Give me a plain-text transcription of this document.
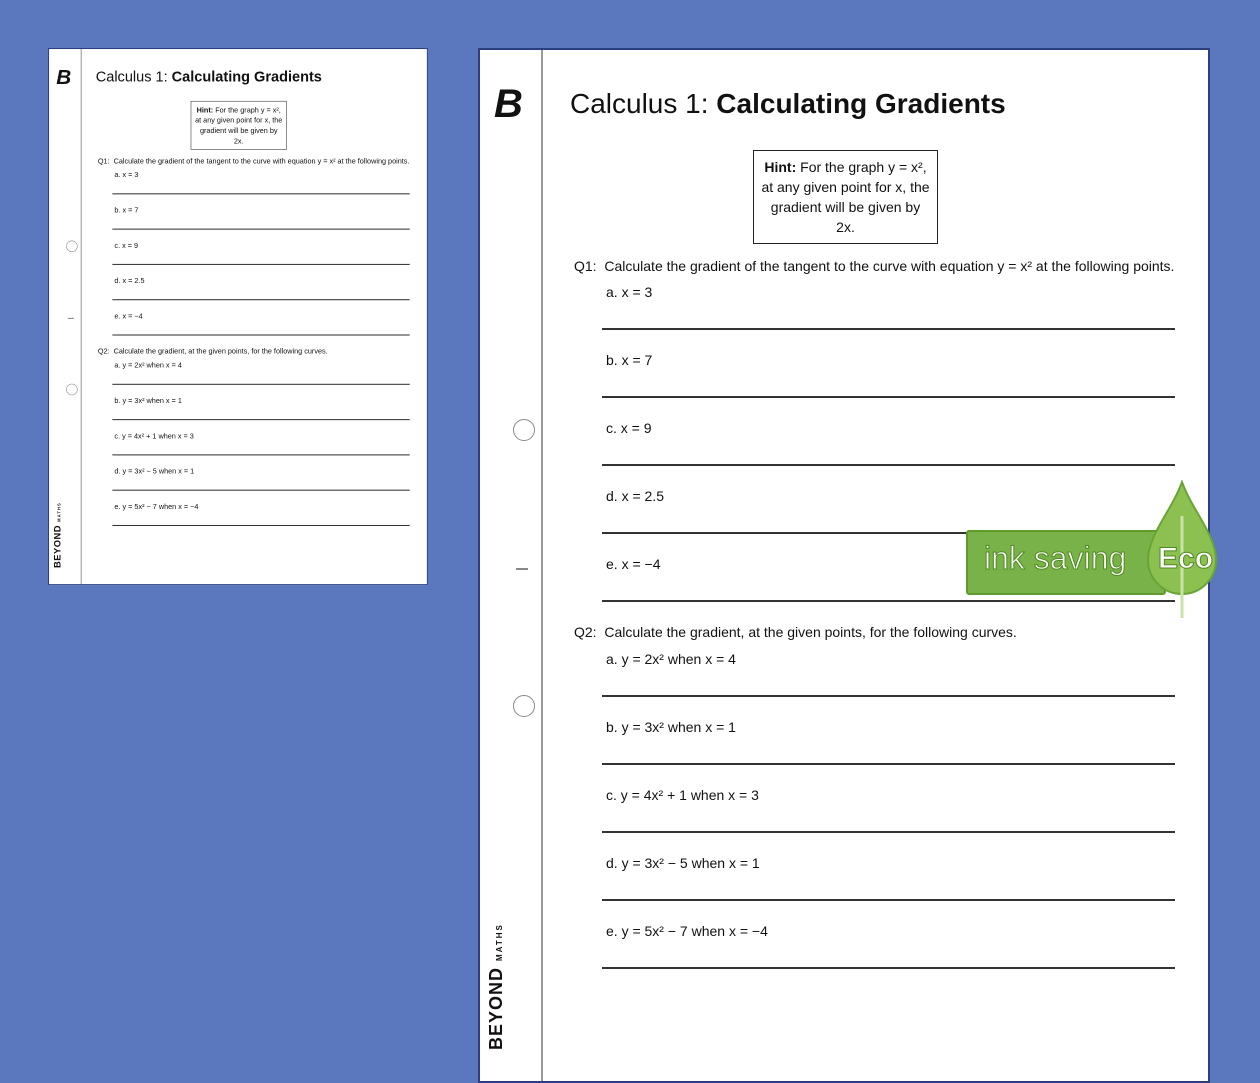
B
BEYONDMATHS
Calculus 1: Calculating Gradients
Hint: For the graph y = x², at any given point for x, the gradient will be given by 2x.
Q1: Calculate the gradient of the tangent to the curve with equation y = x² at the following points.
a. x = 3
b. x = 7
c. x = 9
d. x = 2.5
e. x = −4
Q2: Calculate the gradient, at the given points, for the following curves.
a. y = 2x² when x = 4
b. y = 3x² when x = 1
c. y = 4x² + 1 when x = 3
d. y = 3x² − 5 when x = 1
e. y = 5x² − 7 when x = −4
B
BEYONDMATHS
Calculus 1: Calculating Gradients
Hint: For the graph y = x², at any given point for x, the gradient will be given by 2x.
Q1: Calculate the gradient of the tangent to the curve with equation y = x² at the following points.
a. x = 3
b. x = 7
c. x = 9
d. x = 2.5
e. x = −4
Q2: Calculate the gradient, at the given points, for the following curves.
a. y = 2x² when x = 4
b. y = 3x² when x = 1
c. y = 4x² + 1 when x = 3
d. y = 3x² − 5 when x = 1
e. y = 5x² − 7 when x = −4
ink saving Eco
